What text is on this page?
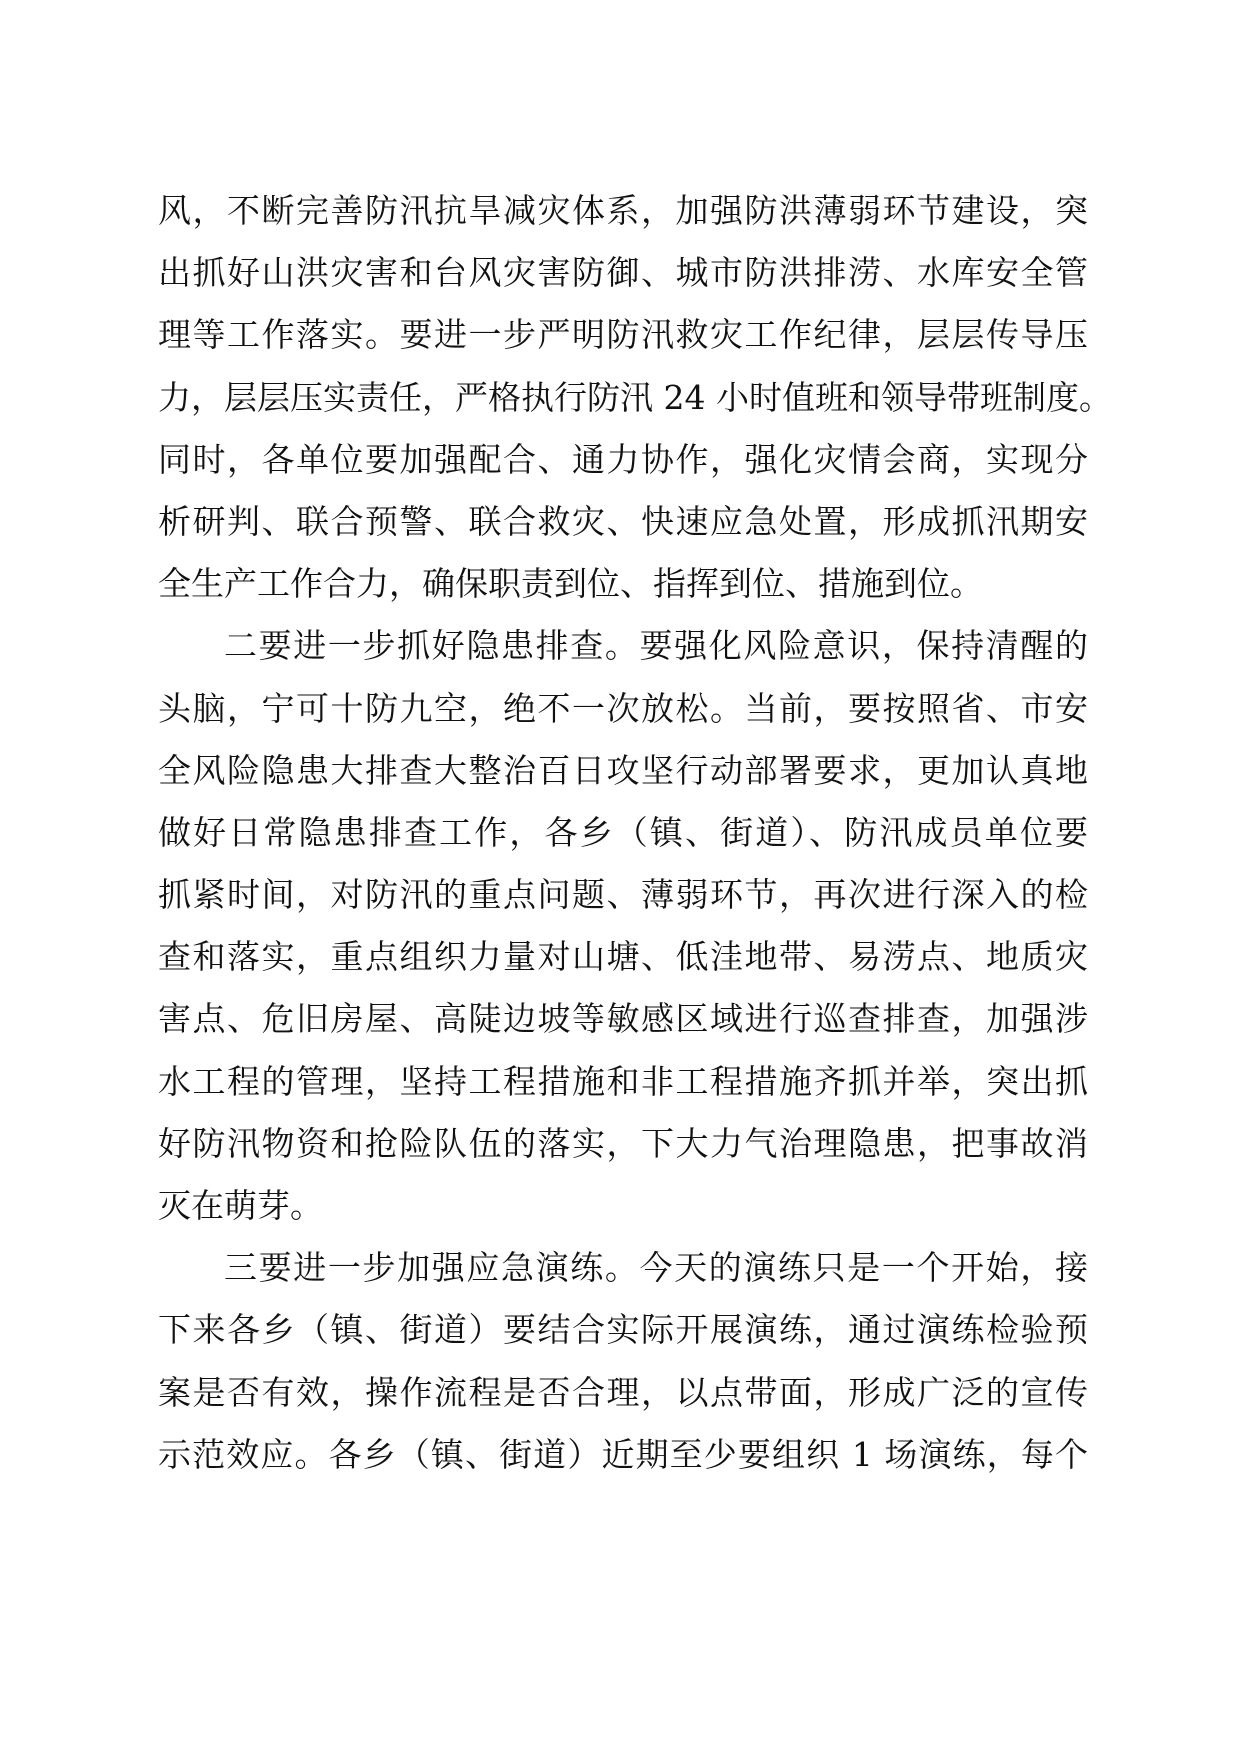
风，不断完善防汛抗旱减灾体系，加强防洪薄弱环节建设，突
出抓好山洪灾害和台风灾害防御、城市防洪排涝、水库安全管
理等工作落实。要进一步严明防汛救灾工作纪律，层层传导压
力，层层压实责任，严格执行防汛 24 小时值班和领导带班制度。
同时，各单位要加强配合、通力协作，强化灾情会商，实现分
析研判、联合预警、联合救灾、快速应急处置，形成抓汛期安
全生产工作合力，确保职责到位、指挥到位、措施到位。
二要进一步抓好隐患排查。要强化风险意识，保持清醒的
头脑，宁可十防九空，绝不一次放松。当前，要按照省、市安
全风险隐患大排查大整治百日攻坚行动部署要求，更加认真地
做好日常隐患排查工作，各乡（镇、街道）、防汛成员单位要
抓紧时间，对防汛的重点问题、薄弱环节，再次进行深入的检
查和落实，重点组织力量对山塘、低洼地带、易涝点、地质灾
害点、危旧房屋、高陡边坡等敏感区域进行巡查排查，加强涉
水工程的管理，坚持工程措施和非工程措施齐抓并举，突出抓
好防汛物资和抢险队伍的落实，下大力气治理隐患，把事故消
灭在萌芽。
三要进一步加强应急演练。今天的演练只是一个开始，接
下来各乡（镇、街道）要结合实际开展演练，通过演练检验预
案是否有效，操作流程是否合理，以点带面，形成广泛的宣传
示范效应。各乡（镇、街道）近期至少要组织 1 场演练，每个
